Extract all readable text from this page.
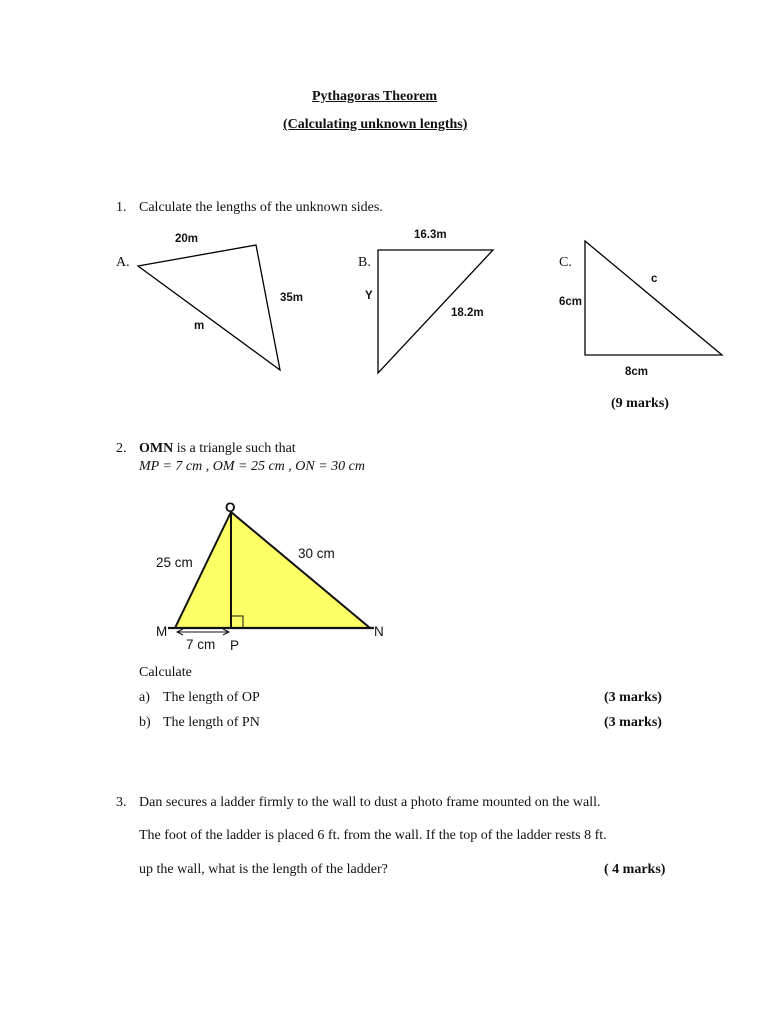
Pythagoras Theorem
(Calculating unknown lengths)
1. Calculate the lengths of the unknown sides.
A.	B.	C.
20m
35m
m
16.3m
Y
18.2m
c
6cm
8cm
(9 marks)
2. OMN is a triangle such that
MP = 7 cm , OM = 25 cm , ON = 30 cm
O
M	N
P
25 cm
30 cm
7 cm
Calculate
a) The length of OP	(3 marks)
b) The length of PN	(3 marks)
3. Dan secures a ladder firmly to the wall to dust a photo frame mounted on the wall.
The foot of the ladder is placed 6 ft. from the wall. If the top of the ladder rests 8 ft.
up the wall, what is the length of the ladder?	( 4 marks)
